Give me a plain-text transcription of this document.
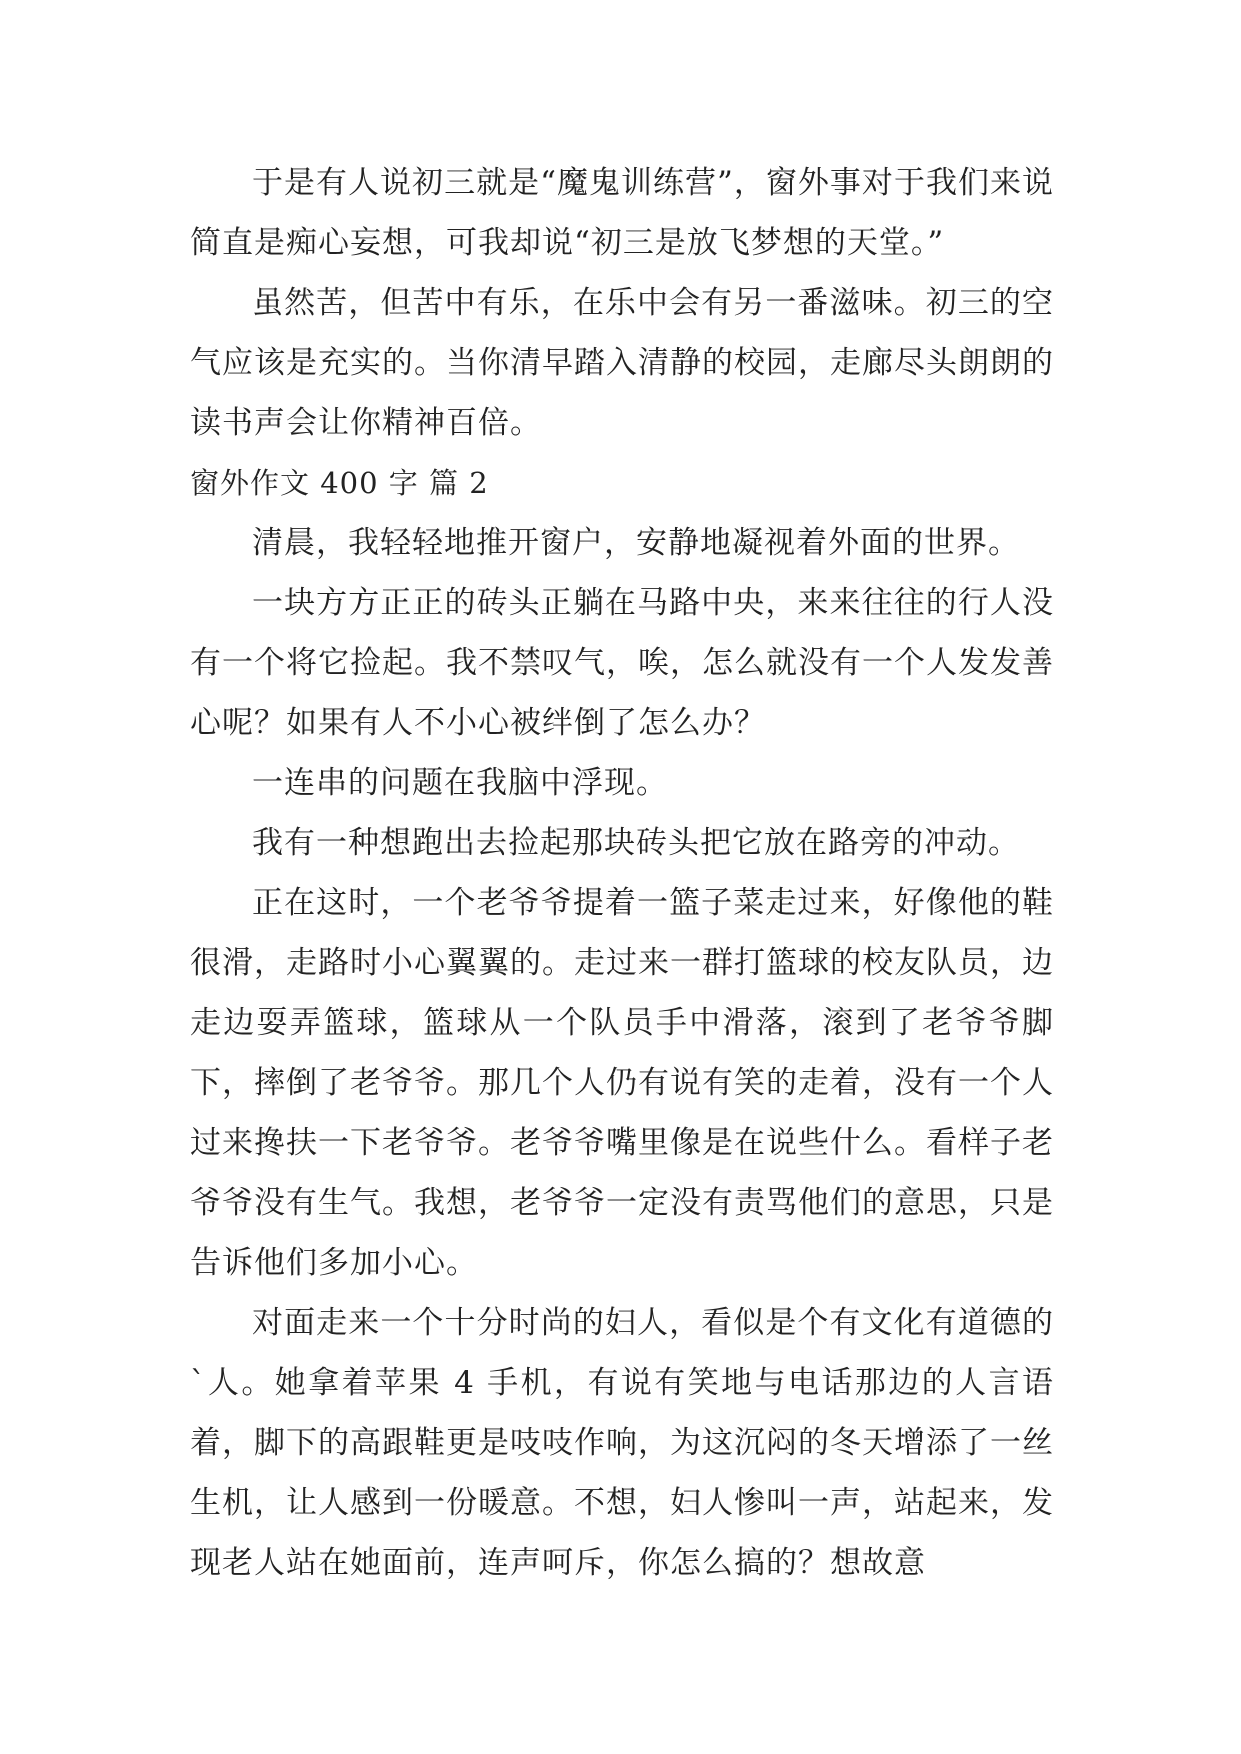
于是有人说初三就是“魔鬼训练营”，窗外事对于我们来说简直是痴心妄想，可我却说“初三是放飞梦想的天堂。”

虽然苦，但苦中有乐，在乐中会有另一番滋味。初三的空气应该是充实的。当你清早踏入清静的校园，走廊尽头朗朗的读书声会让你精神百倍。

窗外作文 400 字 篇 2

清晨，我轻轻地推开窗户，安静地凝视着外面的世界。

一块方方正正的砖头正躺在马路中央，来来往往的行人没有一个将它捡起。我不禁叹气，唉，怎么就没有一个人发发善心呢？如果有人不小心被绊倒了怎么办？

一连串的问题在我脑中浮现。

我有一种想跑出去捡起那块砖头把它放在路旁的冲动。

正在这时，一个老爷爷提着一篮子菜走过来，好像他的鞋很滑，走路时小心翼翼的。走过来一群打篮球的校友队员，边走边耍弄篮球，篮球从一个队员手中滑落，滚到了老爷爷脚下，摔倒了老爷爷。那几个人仍有说有笑的走着，没有一个人过来搀扶一下老爷爷。老爷爷嘴里像是在说些什么。看样子老爷爷没有生气。我想，老爷爷一定没有责骂他们的意思，只是告诉他们多加小心。

对面走来一个十分时尚的妇人，看似是个有文化有道德的`人。她拿着苹果 4 手机，有说有笑地与电话那边的人言语着，脚下的高跟鞋更是吱吱作响，为这沉闷的冬天增添了一丝生机，让人感到一份暖意。不想，妇人惨叫一声，站起来，发现老人站在她面前，连声呵斥，你怎么搞的？想故意
